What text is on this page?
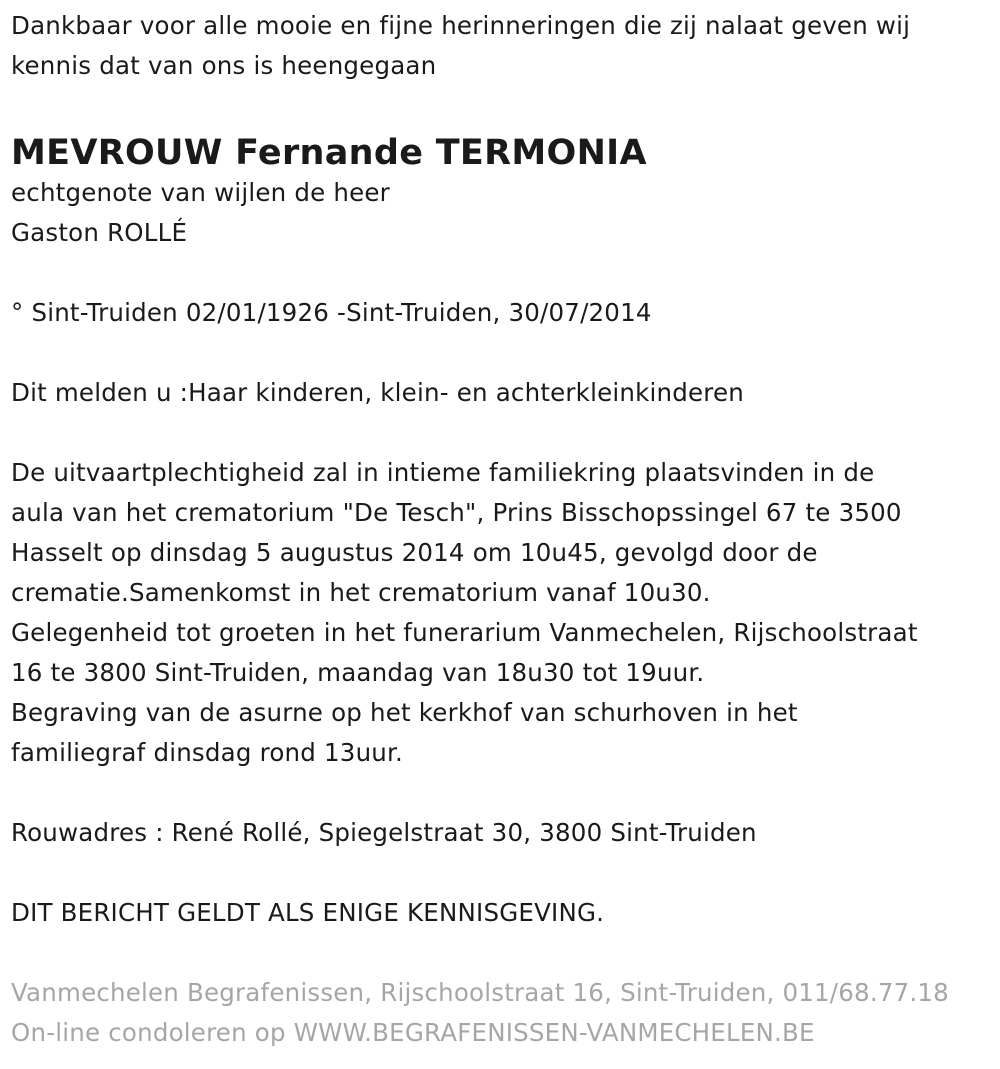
Dankbaar voor alle mooie en fijne herinneringen die zij nalaat geven wij
kennis dat van ons is heengegaan
MEVROUW Fernande TERMONIA
echtgenote van wijlen de heer
Gaston ROLLÉ
° Sint-Truiden 02/01/1926 -Sint-Truiden, 30/07/2014
Dit melden u :Haar kinderen, klein- en achterkleinkinderen
De uitvaartplechtigheid zal in intieme familiekring plaatsvinden in de
aula van het crematorium "De Tesch", Prins Bisschopssingel 67 te 3500
Hasselt op dinsdag 5 augustus 2014 om 10u45, gevolgd door de
crematie.Samenkomst in het crematorium vanaf 10u30.
Gelegenheid tot groeten in het funerarium Vanmechelen, Rijschoolstraat
16 te 3800 Sint-Truiden, maandag van 18u30 tot 19uur.
Begraving van de asurne op het kerkhof van schurhoven in het
familiegraf dinsdag rond 13uur.
Rouwadres : René Rollé, Spiegelstraat 30, 3800 Sint-Truiden
DIT BERICHT GELDT ALS ENIGE KENNISGEVING.
Vanmechelen Begrafenissen, Rijschoolstraat 16, Sint-Truiden, 011/68.77.18
On-line condoleren op WWW.BEGRAFENISSEN-VANMECHELEN.BE
